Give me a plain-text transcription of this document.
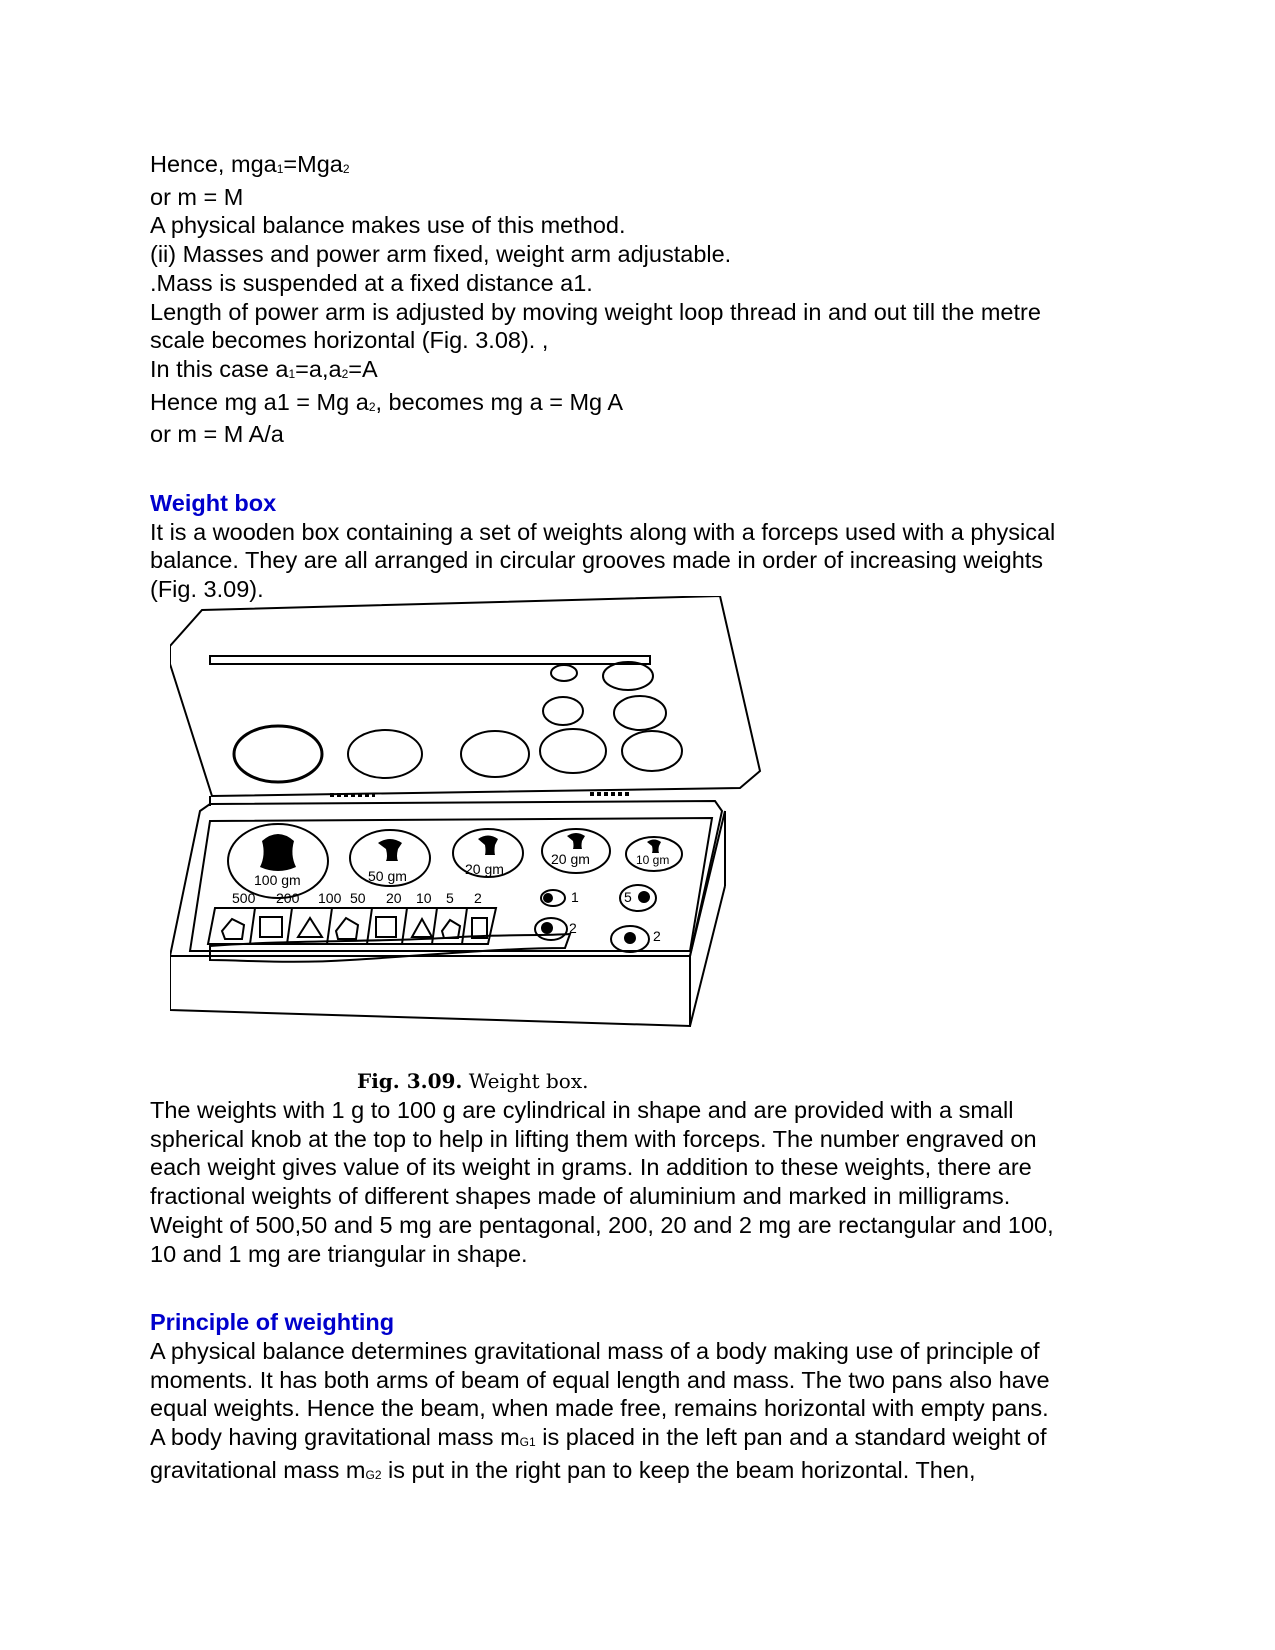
Hence, mga$_1$=Mga$_2$
or m = M
A physical balance makes use of this method.
(ii) Masses and power arm fixed, weight arm adjustable.
.Mass is suspended at a fixed distance a1.
Length of power arm is adjusted by moving weight loop thread in and out till the metre
scale becomes horizontal (Fig. 3.08). ,
In this case $a_1=a,a_2=A$
Hence mg a1 = Mg $a_2$, becomes mg a = Mg A
or m = M A/a
Weight box
It is a wooden box containing a set of weights along with a forceps used with a physical
balance. They are all arranged in circular grooves made in order of increasing weights
(Fig. 3.09).
100 gm	50 gm	20 gm
20 gm	10 gm
500 200 100 50 20 10 5 2	1	5
2	2
Fig. 3.09. Weight box.
The weights with 1 g to 100 g are cylindrical in shape and are provided with a small
spherical knob at the top to help in lifting them with forceps. The number engraved on
each weight gives value of its weight in grams. In addition to these weights, there are
fractional weights of different shapes made of aluminium and marked in milligrams.
Weight of 500,50 and 5 mg are pentagonal, 200, 20 and 2 mg are rectangular and 100,
10 and 1 mg are triangular in shape.
Principle of weighting
A physical balance determines gravitational mass of a body making use of principle of
moments. It has both arms of beam of equal length and mass. The two pans also have
equal weights. Hence the beam, when made free, remains horizontal with empty pans.
A body having gravitational mass $m_{G1}$ is placed in the left pan and a standard weight of
gravitational mass $m_{G2}$ is put in the right pan to keep the beam horizontal. Then,
